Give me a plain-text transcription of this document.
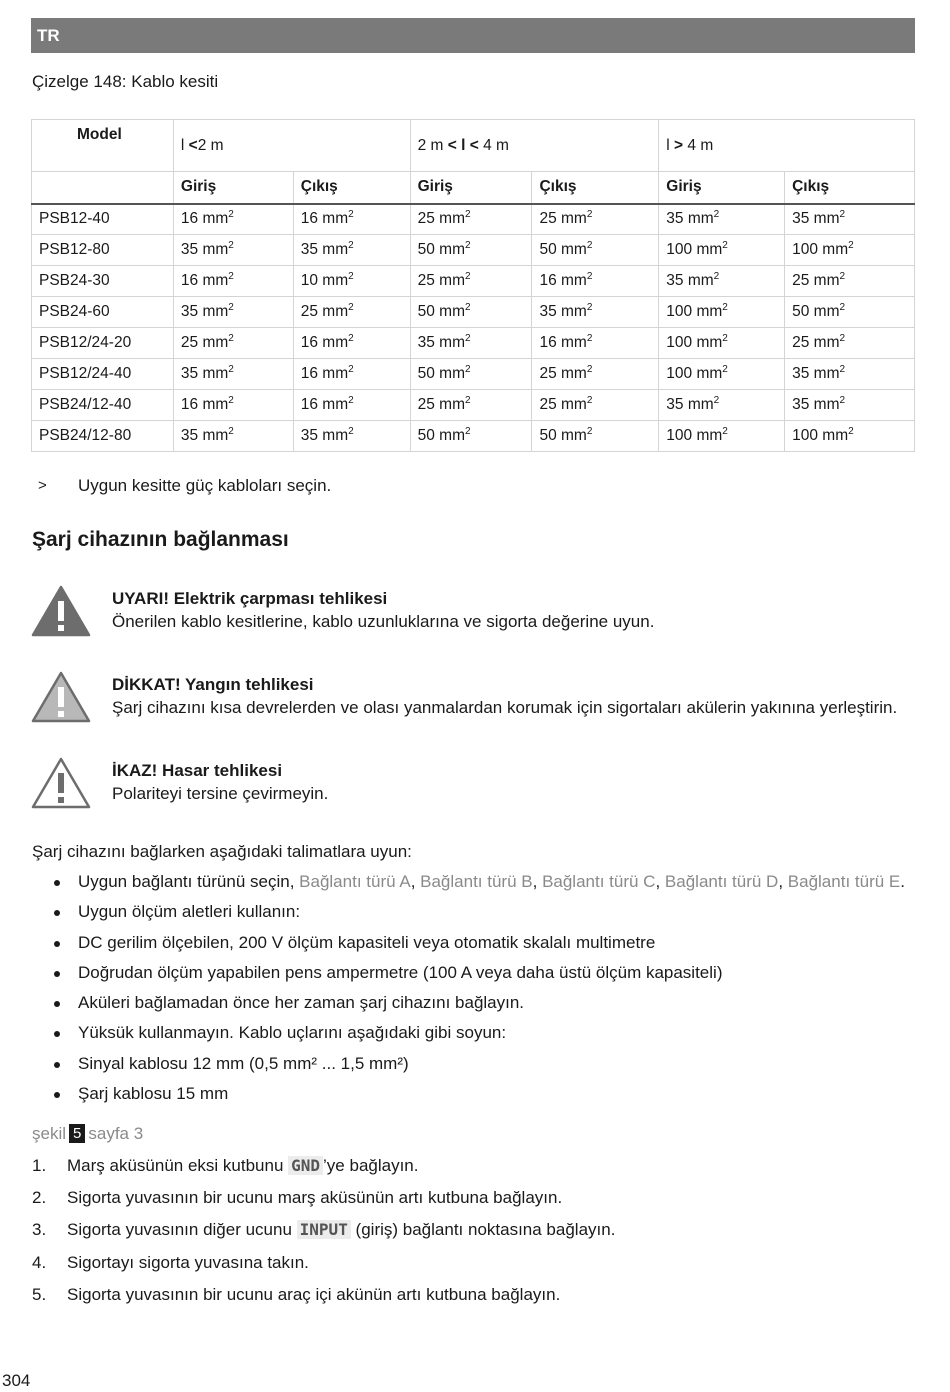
TR
Çizelge 148: Kablo kesiti
Model	l <2 m		2 m < l < 4 m		l > 4 m	
	Giriş	Çıkış	Giriş	Çıkış	Giriş	Çıkış
PSB12-40	16 $mm^2$	16 $mm^2$	25 $mm^2$	25 $mm^2$	35 $mm^2$	35 $mm^2$
PSB12-80	35 $mm^2$	35 $mm^2$	50 $mm^2$	50 $mm^2$	100 $mm^2$	100 $mm^2$
PSB24-30	16 $mm^2$	10 $mm^2$	25 $mm^2$	16 $mm^2$	35 $mm^2$	25 $mm^2$
PSB24-60	35 $mm^2$	25 $mm^2$	50 $mm^2$	35 $mm^2$	100 $mm^2$	50 $mm^2$
PSB12/24-20	25 $mm^2$	16 $mm^2$	35 $mm^2$	16 $mm^2$	100 $mm^2$	25 $mm^2$
PSB12/24-40	35 $mm^2$	16 $mm^2$	50 $mm^2$	25 $mm^2$	100 $mm^2$	35 $mm^2$
PSB24/12-40	16 $mm^2$	16 $mm^2$	25 $mm^2$	25 $mm^2$	35 $mm^2$	35 $mm^2$
PSB24/12-80	35 $mm^2$	35 $mm^2$	50 $mm^2$	50 $mm^2$	100 $mm^2$	100 $mm^2$
> Uygun kesitte güç kabloları seçin.
Şarj cihazının bağlanması
UYARI! Elektrik çarpması tehlikesi
Önerilen kablo kesitlerine, kablo uzunluklarına ve sigorta değerine uyun.
DİKKAT! Yangın tehlikesi
Şarj cihazını kısa devrelerden ve olası yanmalardan korumak için sigortaları akülerin yakınına yerleştirin.
İKAZ! Hasar tehlikesi
Polariteyi tersine çevirmeyin.
Şarj cihazını bağlarken aşağıdaki talimatlara uyun:
Uygun bağlantı türünü seçin, Bağlantı türü A, Bağlantı türü B, Bağlantı türü C, Bağlantı türü D, Bağlantı türü E.
Uygun ölçüm aletleri kullanın:
DC gerilim ölçebilen, 200 V ölçüm kapasiteli veya otomatik skalalı multimetre
Doğrudan ölçüm yapabilen pens ampermetre (100 A veya daha üstü ölçüm kapasiteli)
Aküleri bağlamadan önce her zaman şarj cihazını bağlayın.
Yüksük kullanmayın. Kablo uçlarını aşağıdaki gibi soyun:
Sinyal kablosu 12 mm (0,5 mm² ... 1,5 mm²)
Şarj kablosu 15 mm
şekil 5 sayfa 3
1. Marş aküsünün eksi kutbunu GND ’ye bağlayın.
2. Sigorta yuvasının bir ucunu marş aküsünün artı kutbuna bağlayın.
3. Sigorta yuvasının diğer ucunu INPUT (giriş) bağlantı noktasına bağlayın.
4. Sigortayı sigorta yuvasına takın.
5. Sigorta yuvasının bir ucunu araç içi akünün artı kutbuna bağlayın.
304
